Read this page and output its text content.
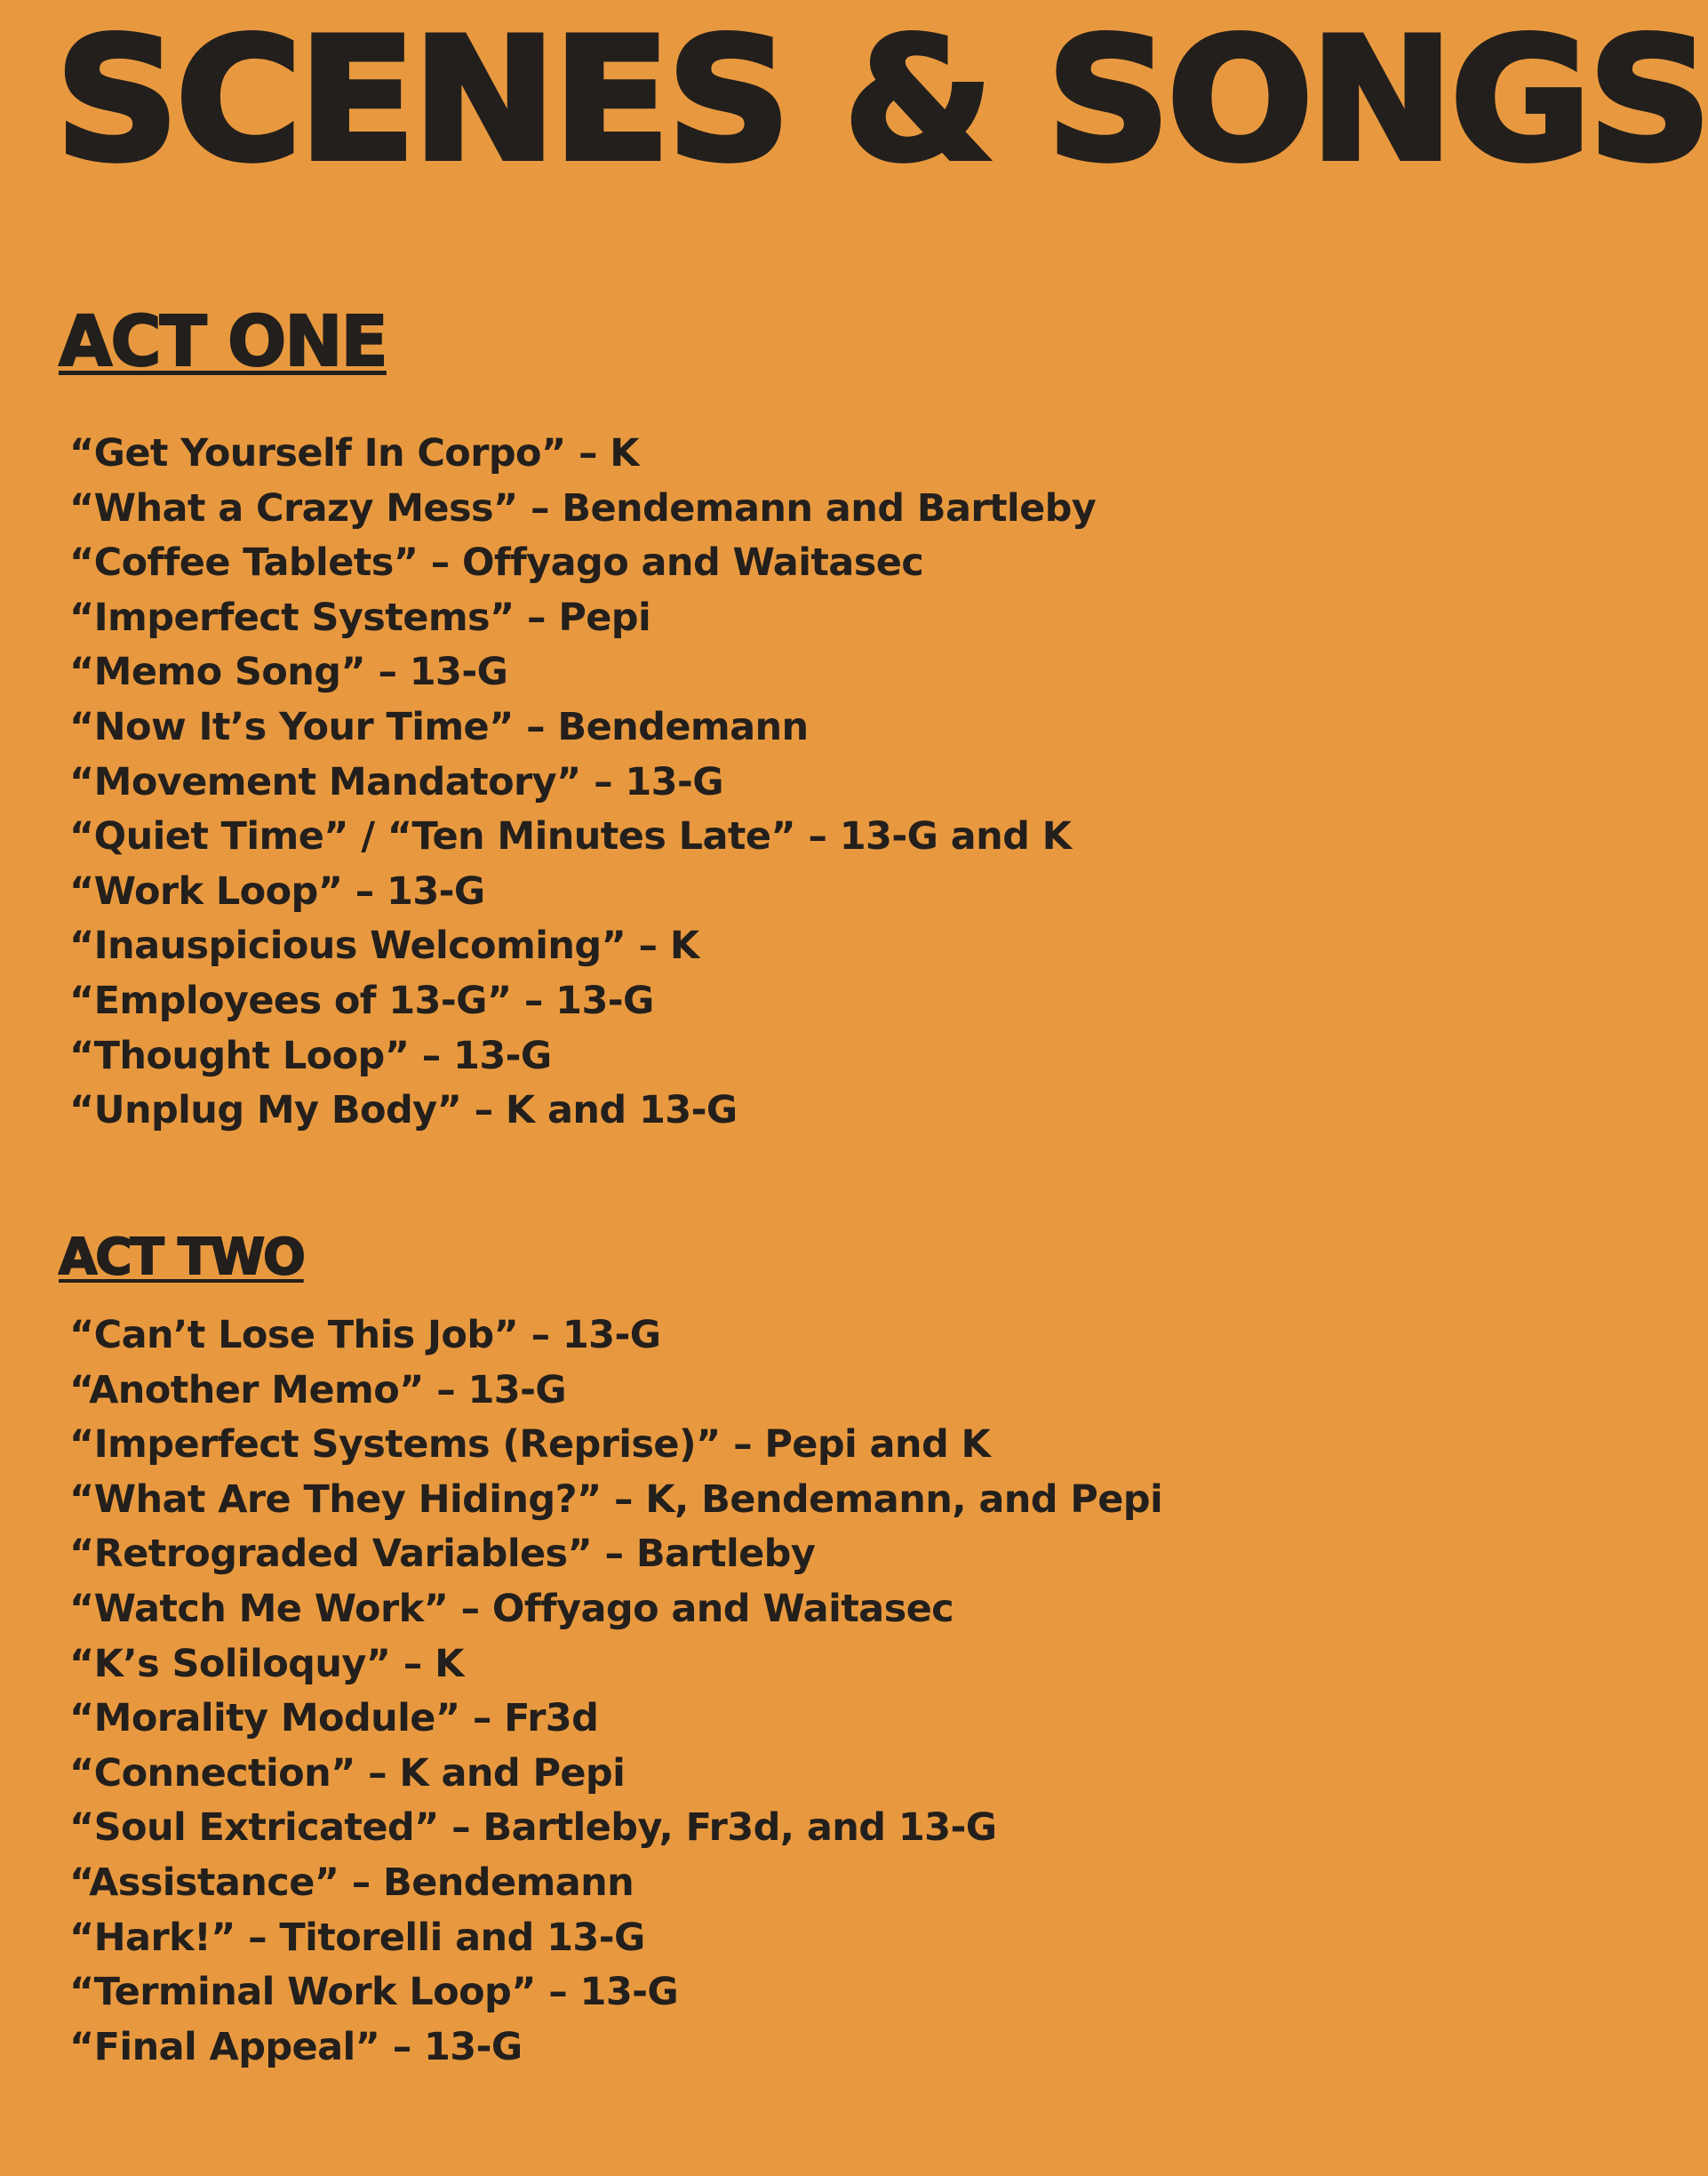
SCENES & SONGS
ACT ONE
“Get Yourself In Corpo” – K
“What a Crazy Mess” – Bendemann and Bartleby
“Coffee Tablets” – Offyago and Waitasec
“Imperfect Systems” – Pepi
“Memo Song” – 13-G
“Now It’s Your Time” – Bendemann
“Movement Mandatory” – 13-G
“Quiet Time” / “Ten Minutes Late” – 13-G and K
“Work Loop” – 13-G
“Inauspicious Welcoming” – K
“Employees of 13-G” – 13-G
“Thought Loop” – 13-G
“Unplug My Body” – K and 13-G
ACT TWO
“Can’t Lose This Job” – 13-G
“Another Memo” – 13-G
“Imperfect Systems (Reprise)” – Pepi and K
“What Are They Hiding?” – K, Bendemann, and Pepi
“Retrograded Variables” – Bartleby
“Watch Me Work” – Offyago and Waitasec
“K’s Soliloquy” – K
“Morality Module” – Fr3d
“Connection” – K and Pepi
“Soul Extricated” – Bartleby, Fr3d, and 13-G
“Assistance” – Bendemann
“Hark!” – Titorelli and 13-G
“Terminal Work Loop” – 13-G
“Final Appeal” – 13-G
